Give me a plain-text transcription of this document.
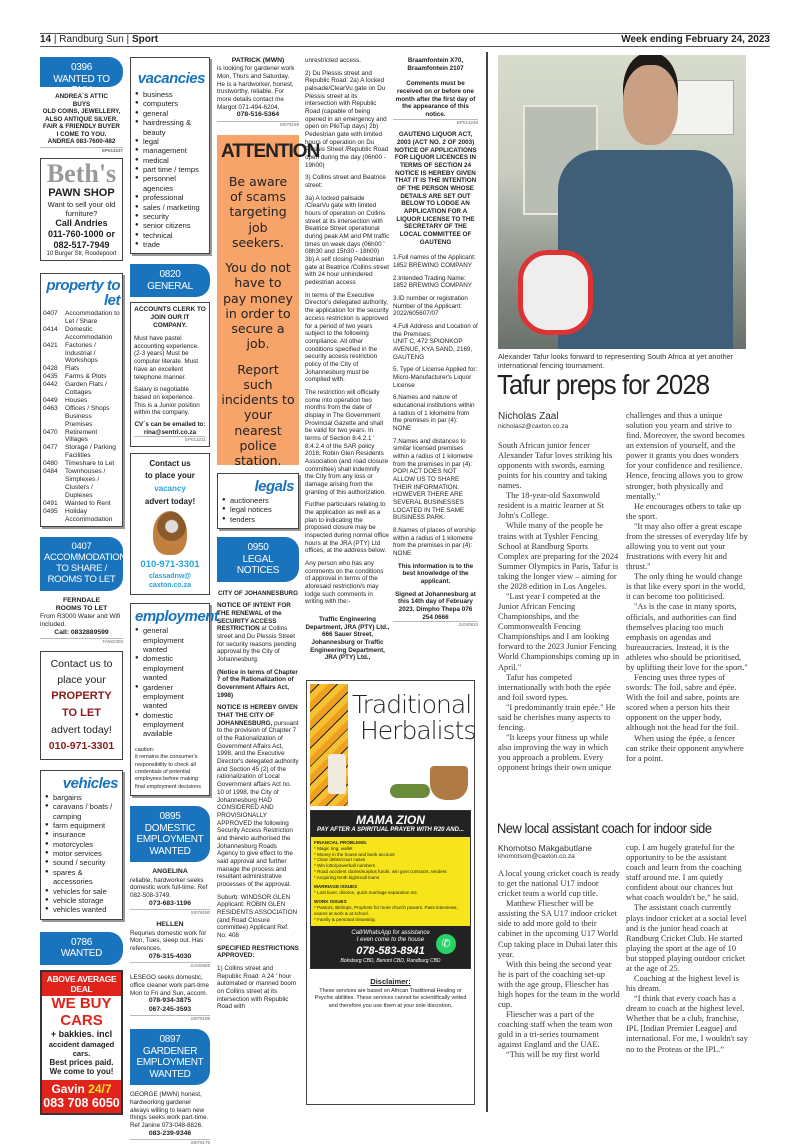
14 | Randburg Sun | Sport	Week ending February 24, 2023
0396
WANTED TO BUY
ANDREA`S ATTIC
BUYS
OLD COINS, JEWELLERY,
ALSO ANTIQUE SILVER.
FAIR & FRIENDLY BUYER
I COME TO YOU.
ANDREA 083-7600-482
EP013237
Beth's
PAWN SHOP
Want to sell your old
furniture?
Call Andries
011-760-1000 or
082-517-7949
10 Burger Str, Roodepoort
property to
let
0407	Accommodation to Let / Share
0414	Domestic Accommodation
0421	Factories / Industrial / Workshops
0428	Flats
0435	Farms & Plots
0442	Garden Flats / Cottages
0449	Houses
0463	Offices / Shops Business Premises
0470	Retirement Villages
0477	Storage / Parking Facilities
0480	Timeshare to Let
0484	Townhouses / Simplexes / Clusters / Duplexes
0491	Wanted to Rent
0495	Holiday Accommodation
0407
ACCOMMODATION TO SHARE / ROOMS TO LET
FERNDALE
ROOMS TO LET
From R3000 Water and Wifi included.
Call: 0832889599
FA922303
Contact us to
place your
PROPERTY
TO LET
advert today!
010-971-3301
vehicles
● bargains
● caravans / boats / camping
● farm equipment
● insurance
● motorcycles
● motor services
● sound / security
● spares & accessories
● vehicles for sale
● vehicle storage
● vehicles wanted
0786
WANTED
ABOVE AVERAGE DEAL
WE BUY CARS
+ bakkies. incl
accident damaged cars.
Best prices paid.
We come to you!
Gavin 24/7
083 708 6050
vacancies
● business
● computers
● general
● hairdressing & beauty
● legal
● management
● medical
● part time / temps
● personnel agencies
● professional
● sales / marketing
● security
● senior citizens
● technical
● trade
0820
GENERAL
ACCOUNTS CLERK TO JOIN OUR IT COMPANY.
Must have pastel accounting experience. (2-3 years) Must be computer literate. Must have an excellent telephone manner.
Salary is negotiable based on experience. This is a Junior position within the company.
CV`s can be emailed to:
rina@sentrl.co.za
EP013231
Contact us
to place your
vacancy
advert today!
010-971-3301
classadnw@
caxton.co.za
employment
● general employment wanted
● domestic employment wanted
● gardener employment wanted
● domestic employment available
caution:
it remains the consumer's responsibility to check all credentials of potential employees before making final employment decisions
0895
DOMESTIC EMPLOYMENT WANTED
ANGELINA
reliable, hardworker seeks domestic work full-time. Ref 082-508-3749.
073-683-1196
SI079180
HELLEN
Requries domestic work for Mon, Tues, sleep out. Has references.
076-315-4030
JL040655
LESEGO seeks domestic, office cleaner work part-time Mon to Fri and Sun, accom.
078-934-3875
067-245-3593
SI079189
0897
GARDENER EMPLOYMENT WANTED
GEORGE (MWN) honest, hardworking gardener always willing to learn new things seeks work part-time. Ref Janine 073-048-8826.
083-239-9346
SI079176
PATRICK (MWN)
is looking for gardener work Mon, Thurs and Saturday. He is a hardworker, honest, trustworthy, reliable. For more details contact me Margot 071-494-6204.
078-516-5364
SI079169
ATTENTION
Be aware of scams targeting job seekers.
You do not have to pay money in order to secure a job.
Report such incidents to your nearest police station.
legals
● auctioneers
● legal notices
● tenders
0950
LEGAL NOTICES
CITY OF JOHANNESBURG

NOTICE OF INTENT FOR THE RENEWAL of the SECURITY ACCESS RESTRICTION at Collins street and Du Plessis Street for security reasons pending approval by the City of Johannesburg.

(Notice in terms of Chapter 7 of the Rationalization of Government Affairs Act, 1998)

NOTICE IS HEREBY GIVEN THAT THE CITY OF JOHANNESBURG, pursuant to the provision of Chapter 7 of the Rationalization of Government Affairs Act, 1998, and the Executive Director's delegated authority and Section 45 (2) of the rationalization of Local Government affairs Act no. 10 of 1998, the City of Johannesburg HAD CONSIDERED AND PROVISIONALLY APPROVED the following Security Access Restriction and thereto authorised the Johannesburg Roads Agency to give effect to the said approval and further manage the process and resultant administrative processes of the approval.

Suburb: WINDSOR GLEN Applicant: ROBIN GLEN RESIDENTS ASSOCIATION (and Road Closure committee) Applicant Ref. No. 408

SPECIFIED RESTRICTIONS APPROVED:

1) Collins street and Republic Road: A 24 ' hour automated or manned boom on Collins street at its intersection with Republic Road with

unrestricted access.

2) Du Plessis street and Republic Road: 2a) A locked palisade/ClearVu gate on Du Plessis street at its intersection with Republic Road (capable of being opened in an emergency and open on PikiTup days) 2b) Pedestrian gate with limited hours of operation on Du Plessis Street /Republic Road open during the day (06h00 - 19h00)

3) Collins street and Beatrice street:

3a) A locked palisade /ClearVu gate with limited hours of operation on Collins street at its intersection with Beatrice Street operational during peak AM and PM traffic times on week days (06h00 ' 08h30 and 15h30 - 18h00) 3b) A self closing Pedestrian gate at Beatrice /Collins street with 24 hour unhindered pedestrian access

In terms of the Executive Director's delegated authority, the application for the security access restriction is approved for a period of two years subject to the following compliance. All other conditions specified in the security access restriction policy of the City of Johannesburg must be complied with.

The restriction will officially come into operation two months from the date of display in The Government Provincial Gazette and shall be valid for two years. In terms of Section 8.4.2.1 ' 8.4.2.4 of the SAR policy 2018, Robin Glen Residents Association (and road closure committee) shall indemnify the City from any loss or damage arising from the granting of this authorization.

Further particulars relating to the application as well as a plan to indicating the proposed closure may be inspected during normal office hours at the JRA (PTY) Ltd offices, at the address below.

Any person who has any comments on the conditions of approval in terms of the aforesaid restriction/s may lodge such comments in writing with the:-

Traffic Engineering Department, JRA (PTY) Ltd., 666 Sauer Street, Johannesburg or Traffic Engineering Department, JRA (PTY) Ltd.,

Braamfontein X70, Braamfontein 2107

Comments must be received on or before one month after the first day of the appearance of this notice.

EP013249

GAUTENG LIQUOR ACT, 2003 (ACT NO. 2 OF 2003) NOTICE OF APPLICATIONS FOR LIQUOR LICENCES IN TERMS OF SECTION 24 NOTICE IS HEREBY GIVEN THAT IT IS THE INTENTION OF THE PERSON WHOSE DETAILS ARE SET OUT BELOW TO LODGE AN APPLICATION FOR A LIQUOR LICENSE TO THE SECRETARY OF THE LOCAL COMMITTEE OF GAUTENG

1.Full names of the Applicant:
1852 BREWING COMPANY

2.Intended Trading Name:
1852 BREWING COMPANY

3.ID number or registration Number of the Applicant:
2022/605607/07

4.Full Address and Location of the Premises:
UNIT C, 472 SPIONKOP AVENUE, KYA SAND, 2169, GAUTENG

5. Type of License Applied for:
Micro-Manufacturer's Liquor License

6.Names and nature of educational institutions within a radius of 1 kilometre from the premises in par (4):
NONE

7.Names and distances to similar licensed premises within a radius of 1 kilometre from the premises in par (4):
POPI ACT DOES NOT ALLOW US TO SHARE THEIR INFORMATION. HOWEVER THERE ARE SEVERAL BUSINESSES LOCATED IN THE SAME BUSINESS PARK.

8.Names of places of worship within a radius of 1 kilometre from the premises in par (4):
NONE

This information is to the best knowledge of the applicant.

Signed at Johannesburg at this 14th day of February 2023. Dimpho Thepa 076 254 0666

JL040810
Traditional
Herbalists
MAMA ZION
PAY AFTER A SPIRITUAL PRAYER WITH R20 AND...
FINANCIAL PROBLEMS.
* Magic ring, wallet
* Money in the house and bank account
* Clear debts/court cases
* Win lotto/powerball numbers
* Road accident claims/surplus funds, win govt contracts, tenders
* Acquiring tenth big/small loans
MARRIAGE ISSUES
* Lost lover, divorce, quick marriage separation etc.
WORK ISSUES
* Pastors, Bishops, Prophets for more church powers. Pass interviews, exams at work & at school.
* Family & personal cleansing.
Call/WhatsApp for assistance
I even come to the house
078-583-8941
Boksburg CBD, Benoni CBD, Randburg CBD
✆
Disclaimer:
These services are based on African Traditional Healing or Psychic abilities. These services cannot be scientifically vetted and therefore you use them at your sole discretion.
Alexander Tafur looks forward to representing South Africa at yet another international fencing tournament.
Tafur preps for 2028
Nicholas Zaal
nicholasz@caxton.co.za

South African junior fencer Alexander Tafur loves striking his opponents with swords, earning points for his country and taking names.

The 18-year-old Saxonwold resident is a matric learner at St John's College.

While many of the people he trains with at Tyshler Fencing School at Randburg Sports Complex are preparing for the 2024 Summer Olympics in Paris, Tafur is taking the longer view – aiming for the 2028 edition in Los Angeles.

"Last year I competed at the Junior African Fencing Championships, and the Commonwealth Fencing Championships and I am looking forward to the 2023 Junior Fencing World Championships coming up in April."

Tafur has competed internationally with both the epée and foil sword types.

"I predominantly train epée." He said he cherishes many aspects to fencing.

"It keeps your fitness up while also improving the way in which you approach a problem. Every opponent brings their own unique

challenges and thus a unique solution you yearn and strive to find. Moreover, the sword becomes an extension of yourself, and the power it grants you does wonders for your confidence and resilience. Hence, fencing allows you to grow stronger, both physically and mentally."

He encourages others to take up the sport.

"It may also offer a great escape from the stresses of everyday life by allowing you to vent out your frustrations with every hit and thrust."

The only thing he would change is that like every sport in the world, it can become too politicised.

"As is the case in many sports, officials, and authorities can find themselves placing too much emphasis on agendas and bureaucracies. Instead, it is the athletes who should be prioritised, by uplifting their love for the sport."

Fencing uses three types of swords: The foil, sabre and épée. With the foil and sabre, points are scored when a person hits their opponent on the upper body, although not the head for the foil.

When using the épée, a fencer can strike their opponent anywhere for a point.

New local assistant coach for indoor side
Khomotso Makgabutlane
khomotsom@caxton.co.za

A local young cricket coach is ready to get the national U17 indoor cricket team a world cup title.

Matthew Fliescher will be assisting the SA U17 indoor cricket side to add more gold to their cabinet in the upcoming U17 World Cup taking place in Dubai later this year.

With this being the second year he is part of the coaching set-up with the age group, Fliescher has high hopes for the team in the world cup.

Fliescher was a part of the coaching staff when the team won gold in a tri-series tournament against England and the UAE.

“This will be my first world

cup. I am hugely grateful for the opportunity to be the assistant coach and learn from the coaching staff around me. I am quietly confident about our chances but what coach wouldn't be,” he said.

The assistant coach currently plays indoor cricket at a social level and is the junior head coach at Randburg Cricket Club. He started playing the sport at the age of 10 but stopped playing outdoor cricket at the age of 25.

Coaching at the highest level is his dream.

“I think that every coach has a dream to coach at the highest level. Whether that be a club, franchise, IPL [Indian Premier League] and international. For me, I wouldn't say no to the Proteas or the IPL.”
